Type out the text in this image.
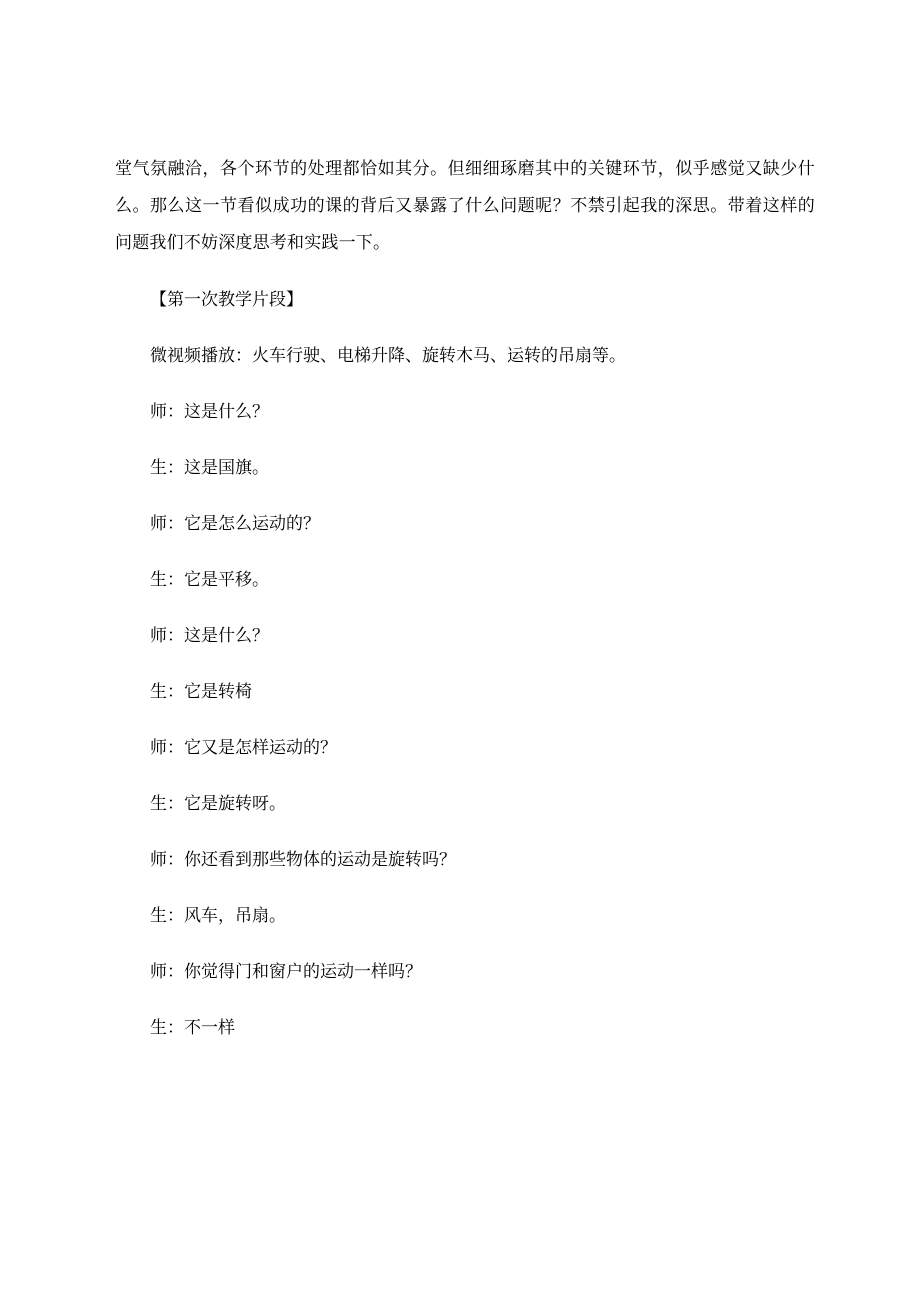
堂气氛融洽，各个环节的处理都恰如其分。但细细琢磨其中的关键环节，似乎感觉又缺少什么。那么这一节看似成功的课的背后又暴露了什么问题呢？不禁引起我的深思。带着这样的问题我们不妨深度思考和实践一下。

【第一次教学片段】

微视频播放：火车行驶、电梯升降、旋转木马、运转的吊扇等。

师：这是什么？

生：这是国旗。

师：它是怎么运动的？

生：它是平移。

师：这是什么？

生：它是转椅

师：它又是怎样运动的？

生：它是旋转呀。

师：你还看到那些物体的运动是旋转吗？

生：风车，吊扇。

师：你觉得门和窗户的运动一样吗？

生：不一样
